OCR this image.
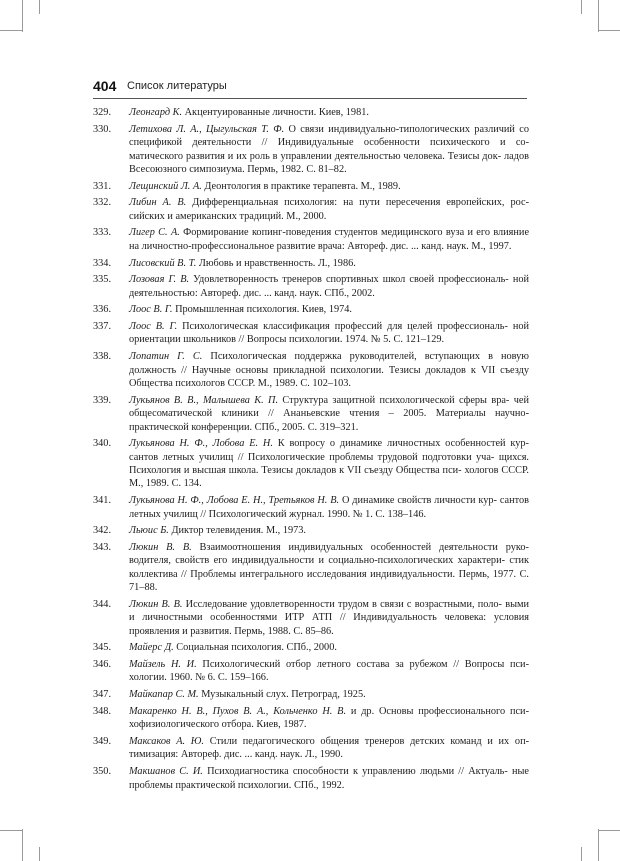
404 Список литературы
329. Леонгард К. Акцентуированные личности. Киев, 1981.
330. Летихова Л. А., Цыгульская Т. Ф. О связи индивидуально-типологических различий со спецификой деятельности // Индивидуальные особенности психического и со- матического развития и их роль в управлении деятельностью человека. Тезисы док- ладов Всесоюзного симпозиума. Пермь, 1982. С. 81–82.
331. Лещинский Л. А. Деонтология в практике терапевта. М., 1989.
332. Либин А. В. Дифференциальная психология: на пути пересечения европейских, рос- сийских и американских традиций. М., 2000.
333. Лигер С. А. Формирование копинг-поведения студентов медицинского вуза и его влияние на личностно-профессиональное развитие врача: Автореф. дис. ... канд. наук. М., 1997.
334. Лисовский В. Т. Любовь и нравственность. Л., 1986.
335. Лозовая Г. В. Удовлетворенность тренеров спортивных школ своей профессиональ- ной деятельностью: Автореф. дис. ... канд. наук. СПб., 2002.
336. Лоос В. Г. Промышленная психология. Киев, 1974.
337. Лоос В. Г. Психологическая классификация профессий для целей профессиональ- ной ориентации школьников // Вопросы психологии. 1974. № 5. С. 121–129.
338. Лопатин Г. С. Психологическая поддержка руководителей, вступающих в новую должность // Научные основы прикладной психологии. Тезисы докладов к VII съезду Общества психологов СССР. М., 1989. С. 102–103.
339. Лукьянов В. В., Малышева К. П. Структура защитной психологической сферы вра- чей общесоматической клиники // Ананьевские чтения – 2005. Материалы научно- практической конференции. СПб., 2005. С. 319–321.
340. Лукьянова Н. Ф., Лобова Е. Н. К вопросу о динамике личностных особенностей кур- сантов летных училищ // Психологические проблемы трудовой подготовки уча- щихся. Психология и высшая школа. Тезисы докладов к VII съезду Общества пси- хологов СССР. М., 1989. С. 134.
341. Лукьянова Н. Ф., Лобова Е. Н., Третьяков Н. В. О динамике свойств личности кур- сантов летных училищ // Психологический журнал. 1990. № 1. С. 138–146.
342. Льюис Б. Диктор телевидения. М., 1973.
343. Люкин В. В. Взаимоотношения индивидуальных особенностей деятельности руко- водителя, свойств его индивидуальности и социально-психологических характери- стик коллектива // Проблемы интегрального исследования индивидуальности. Пермь, 1977. С. 71–88.
344. Люкин В. В. Исследование удовлетворенности трудом в связи с возрастными, поло- выми и личностными особенностями ИТР АТП // Индивидуальность человека: условия проявления и развития. Пермь, 1988. С. 85–86.
345. Майерс Д. Социальная психология. СПб., 2000.
346. Майзель Н. И. Психологический отбор летного состава за рубежом // Вопросы пси- хологии. 1960. № 6. С. 159–166.
347. Майкапар С. М. Музыкальный слух. Петроград, 1925.
348. Макаренко Н. В., Пухов В. А., Кольченко Н. В. и др. Основы профессионального пси- хофизиологического отбора. Киев, 1987.
349. Максаков А. Ю. Стили педагогического общения тренеров детских команд и их оп- тимизация: Автореф. дис. ... канд. наук. Л., 1990.
350. Макшанов С. И. Психодиагностика способности к управлению людьми // Актуаль- ные проблемы практической психологии. СПб., 1992.
